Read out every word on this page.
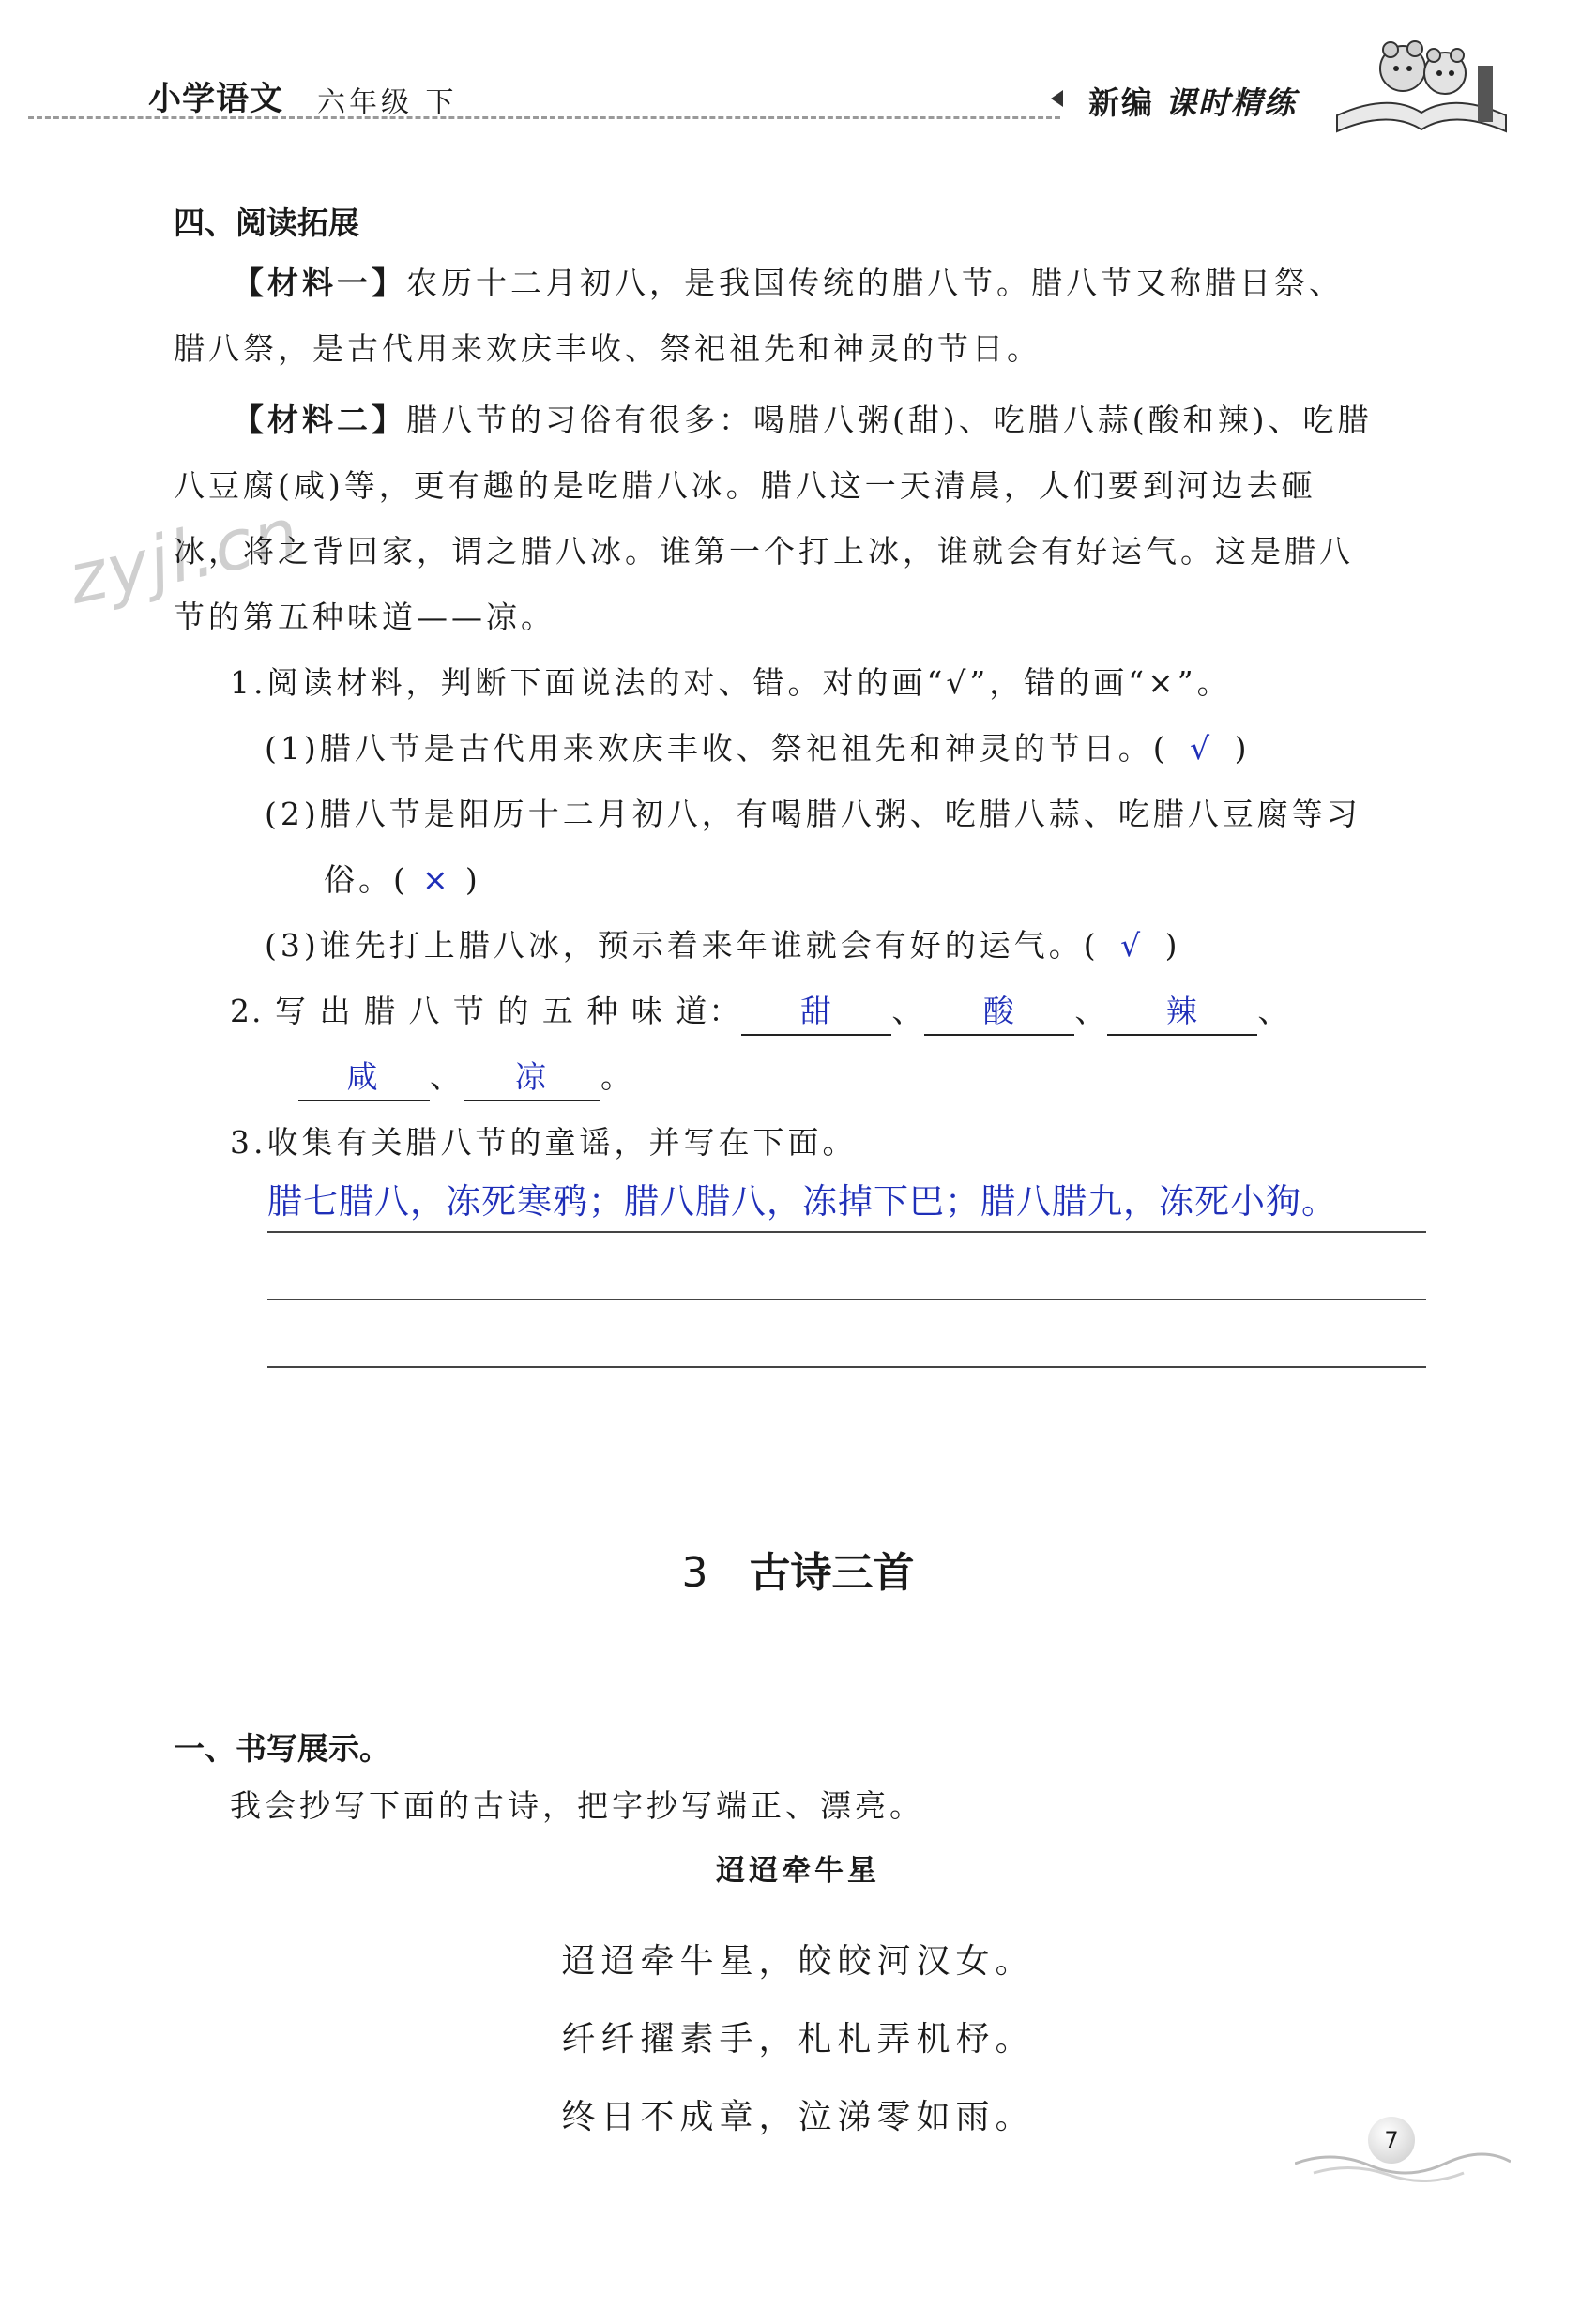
小学语文 六年级 下	新编 课时精练
zyjl.cn
四、阅读拓展
【材料一】农历十二月初八，是我国传统的腊八节。腊八节又称腊日祭、
腊八祭，是古代用来欢庆丰收、祭祀祖先和神灵的节日。
【材料二】腊八节的习俗有很多：喝腊八粥(甜)、吃腊八蒜(酸和辣)、吃腊
八豆腐(咸)等，更有趣的是吃腊八冰。腊八这一天清晨，人们要到河边去砸
冰，将之背回家，谓之腊八冰。谁第一个打上冰，谁就会有好运气。这是腊八
节的第五种味道——凉。
1.阅读材料，判断下面说法的对、错。对的画“√”，错的画“×”。
(1)腊八节是古代用来欢庆丰收、祭祀祖先和神灵的节日。( √ )
(2)腊八节是阳历十二月初八，有喝腊八粥、吃腊八蒜、吃腊八豆腐等习
俗。( × )
(3)谁先打上腊八冰，预示着来年谁就会有好的运气。( √ )
2. 写 出 腊 八 节 的 五 种 味 道： 甜 、 酸 、 辣 、
咸 、 凉 。
3.收集有关腊八节的童谣，并写在下面。
腊七腊八，冻死寒鸦；腊八腊八，冻掉下巴；腊八腊九，冻死小狗。
3 古诗三首
一、书写展示。
我会抄写下面的古诗，把字抄写端正、漂亮。
迢迢牵牛星
迢迢牵牛星，皎皎河汉女。
纤纤擢素手，札札弄机杼。
终日不成章，泣涕零如雨。
7
